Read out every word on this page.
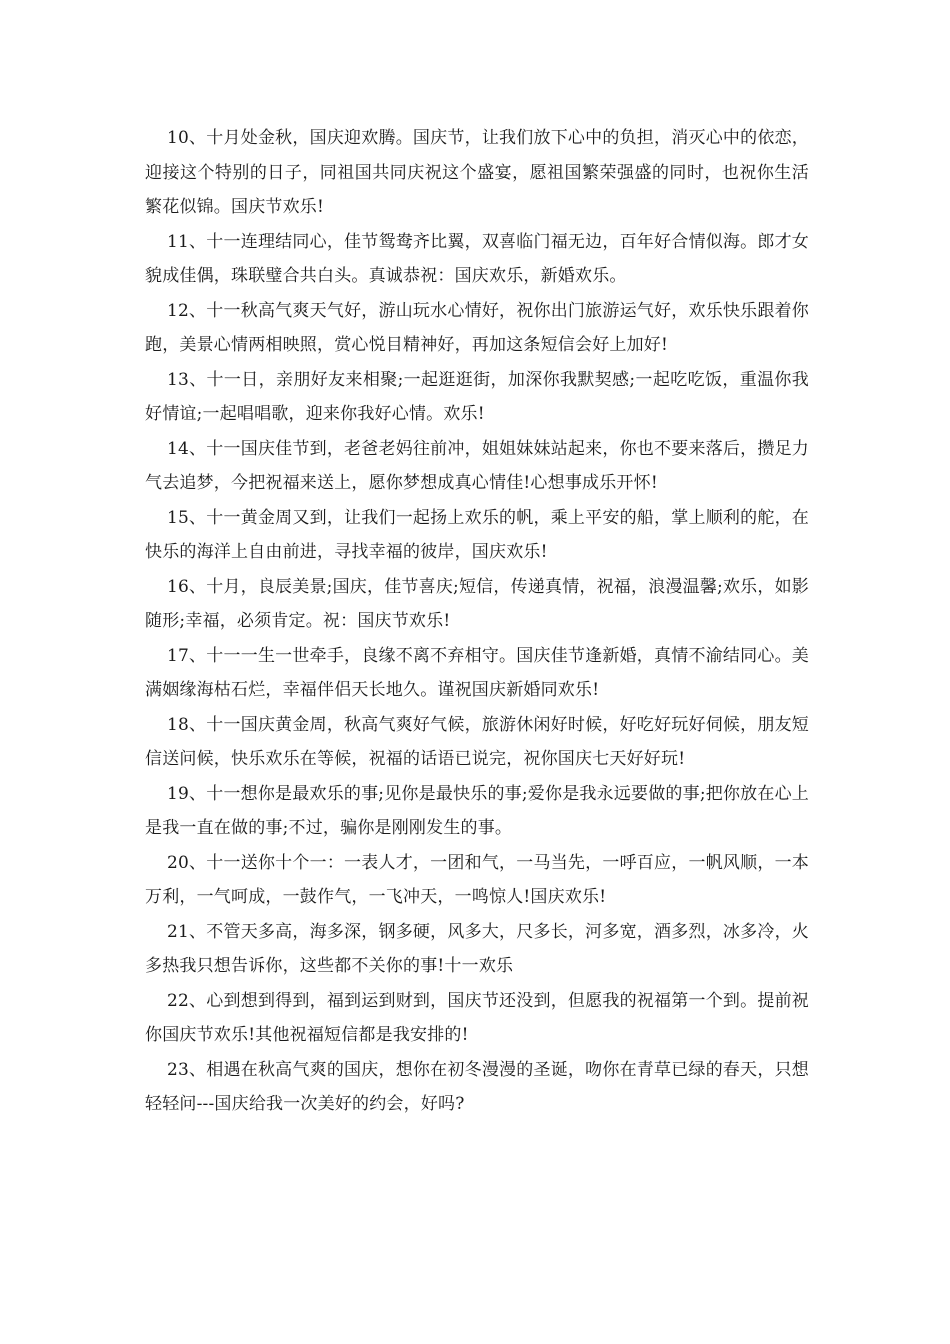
10、十月处金秋，国庆迎欢腾。国庆节，让我们放下心中的负担，消灭心中的依恋，迎接这个特别的日子，同祖国共同庆祝这个盛宴，愿祖国繁荣强盛的同时，也祝你生活繁花似锦。国庆节欢乐!

11、十一连理结同心，佳节鸳鸯齐比翼，双喜临门福无边，百年好合情似海。郎才女貌成佳偶，珠联璧合共白头。真诚恭祝：国庆欢乐，新婚欢乐。

12、十一秋高气爽天气好，游山玩水心情好，祝你出门旅游运气好，欢乐快乐跟着你跑，美景心情两相映照，赏心悦目精神好，再加这条短信会好上加好!

13、十一日，亲朋好友来相聚;一起逛逛街，加深你我默契感;一起吃吃饭，重温你我好情谊;一起唱唱歌，迎来你我好心情。欢乐!

14、十一国庆佳节到，老爸老妈往前冲，姐姐妹妹站起来，你也不要来落后，攒足力气去追梦，今把祝福来送上，愿你梦想成真心情佳!心想事成乐开怀!

15、十一黄金周又到，让我们一起扬上欢乐的帆，乘上平安的船，掌上顺利的舵，在快乐的海洋上自由前进，寻找幸福的彼岸，国庆欢乐!

16、十月，良辰美景;国庆，佳节喜庆;短信，传递真情，祝福，浪漫温馨;欢乐，如影随形;幸福，必须肯定。祝：国庆节欢乐!

17、十一一生一世牵手，良缘不离不弃相守。国庆佳节逢新婚，真情不渝结同心。美满姻缘海枯石烂，幸福伴侣天长地久。谨祝国庆新婚同欢乐!

18、十一国庆黄金周，秋高气爽好气候，旅游休闲好时候，好吃好玩好伺候，朋友短信送问候，快乐欢乐在等候，祝福的话语已说完，祝你国庆七天好好玩!

19、十一想你是最欢乐的事;见你是最快乐的事;爱你是我永远要做的事;把你放在心上是我一直在做的事;不过，骗你是刚刚发生的事。

20、十一送你十个一：一表人才，一团和气，一马当先，一呼百应，一帆风顺，一本万利，一气呵成，一鼓作气，一飞冲天，一鸣惊人!国庆欢乐!

21、不管天多高，海多深，钢多硬，风多大，尺多长，河多宽，酒多烈，冰多冷，火多热我只想告诉你，这些都不关你的事!十一欢乐

22、心到想到得到，福到运到财到，国庆节还没到，但愿我的祝福第一个到。提前祝你国庆节欢乐!其他祝福短信都是我安排的!

23、相遇在秋高气爽的国庆，想你在初冬漫漫的圣诞，吻你在青草已绿的春天，只想轻轻问---国庆给我一次美好的约会，好吗?
